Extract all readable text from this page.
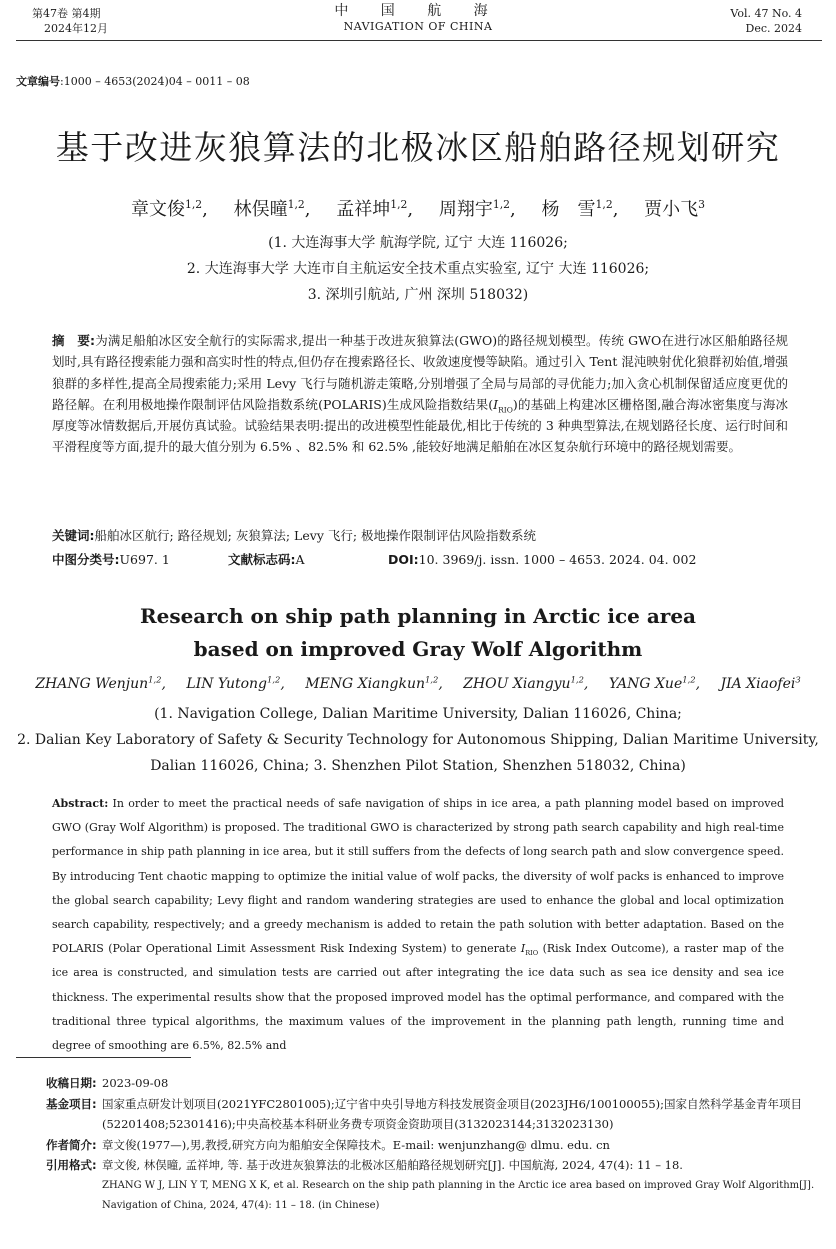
第47卷 第4期
2024年12月
中 国 航 海
NAVIGATION OF CHINA
Vol. 47 No. 4
Dec. 2024
文章编号:1000 – 4653(2024)04 – 0011 – 08
基于改进灰狼算法的北极冰区船舶路径规划研究
章文俊$^{1,2}$, 林俣曈$^{1,2}$, 孟祥坤$^{1,2}$, 周翔宇$^{1,2}$, 杨　雪$^{1,2}$, 贾小飞$^3$
(1. 大连海事大学 航海学院, 辽宁 大连 116026;
2. 大连海事大学 大连市自主航运安全技术重点实验室, 辽宁 大连 116026;
3. 深圳引航站, 广州 深圳 518032)
摘　要:为满足船舶冰区安全航行的实际需求,提出一种基于改进灰狼算法(GWO)的路径规划模型。传统 GWO在进行冰区船舶路径规划时,具有路径搜索能力强和高实时性的特点,但仍存在搜索路径长、收敛速度慢等缺陷。通过引入 Tent 混沌映射优化狼群初始值,增强狼群的多样性,提高全局搜索能力;采用 Levy 飞行与随机游走策略,分别增强了全局与局部的寻优能力;加入贪心机制保留适应度更优的路径解。在利用极地操作限制评估风险指数系统(POLARIS)生成风险指数结果$(I_{RIO})$的基础上构建冰区栅格图,融合海冰密集度与海冰厚度等冰情数据后,开展仿真试验。试验结果表明:提出的改进模型性能最优,相比于传统的 3 种典型算法,在规划路径长度、运行时间和平滑程度等方面,提升的最大值分别为 6.5% 、82.5% 和 62.5% ,能较好地满足船舶在冰区复杂航行环境中的路径规划需要。
关键词:船舶冰区航行; 路径规划; 灰狼算法; Levy 飞行; 极地操作限制评估风险指数系统
中图分类号:U697. 1	文献标志码:A	DOI:10. 3969/j. issn. 1000 – 4653. 2024. 04. 002
Research on ship path planning in Arctic ice area
based on improved Gray Wolf Algorithm
ZHANG Wenjun$^{1,2}$, LIN Yutong$^{1,2}$, MENG Xiangkun$^{1,2}$, ZHOU Xiangyu$^{1,2}$, YANG Xue$^{1,2}$, JIA Xiaofei$^3$
(1. Navigation College, Dalian Maritime University, Dalian 116026, China;
2. Dalian Key Laboratory of Safety & Security Technology for Autonomous Shipping, Dalian Maritime University,
Dalian 116026, China; 3. Shenzhen Pilot Station, Shenzhen 518032, China)
Abstract: In order to meet the practical needs of safe navigation of ships in ice area, a path planning model based on improved GWO (Gray Wolf Algorithm) is proposed. The traditional GWO is characterized by strong path search capability and high real-time performance in ship path planning in ice area, but it still suffers from the defects of long search path and slow convergence speed. By introducing Tent chaotic mapping to optimize the initial value of wolf packs, the diversity of wolf packs is enhanced to improve the global search capability; Levy flight and random wandering strategies are used to enhance the global and local optimization search capability, respectively; and a greedy mechanism is added to retain the path solution with better adaptation. Based on the POLARIS (Polar Operational Limit Assessment Risk Indexing System) to generate $I_{RIO}$ (Risk Index Outcome), a raster map of the ice area is constructed, and simulation tests are carried out after integrating the ice data such as sea ice density and sea ice thickness. The experimental results show that the proposed improved model has the optimal performance, and compared with the traditional three typical algorithms, the maximum values of the improvement in the planning path length, running time and degree of smoothing are 6.5%, 82.5% and
收稿日期: 2023-09-08
基金项目: 国家重点研发计划项目(2021YFC2801005);辽宁省中央引导地方科技发展资金项目(2023JH6/100100055);国家自然科学基金青年项目(52201408;52301416);中央高校基本科研业务费专项资金资助项目(3132023144;3132023130)
作者简介: 章文俊(1977—),男,教授,研究方向为船舶安全保障技术。E-mail: wenjunzhang@ dlmu. edu. cn
引用格式: 章文俊, 林俣曈, 孟祥坤, 等. 基于改进灰狼算法的北极冰区船舶路径规划研究[J]. 中国航海, 2024, 47(4): 11 – 18.
ZHANG W J, LIN Y T, MENG X K, et al. Research on the ship path planning in the Arctic ice area based on improved Gray Wolf Algorithm[J]. Navigation of China, 2024, 47(4): 11 – 18. (in Chinese)
